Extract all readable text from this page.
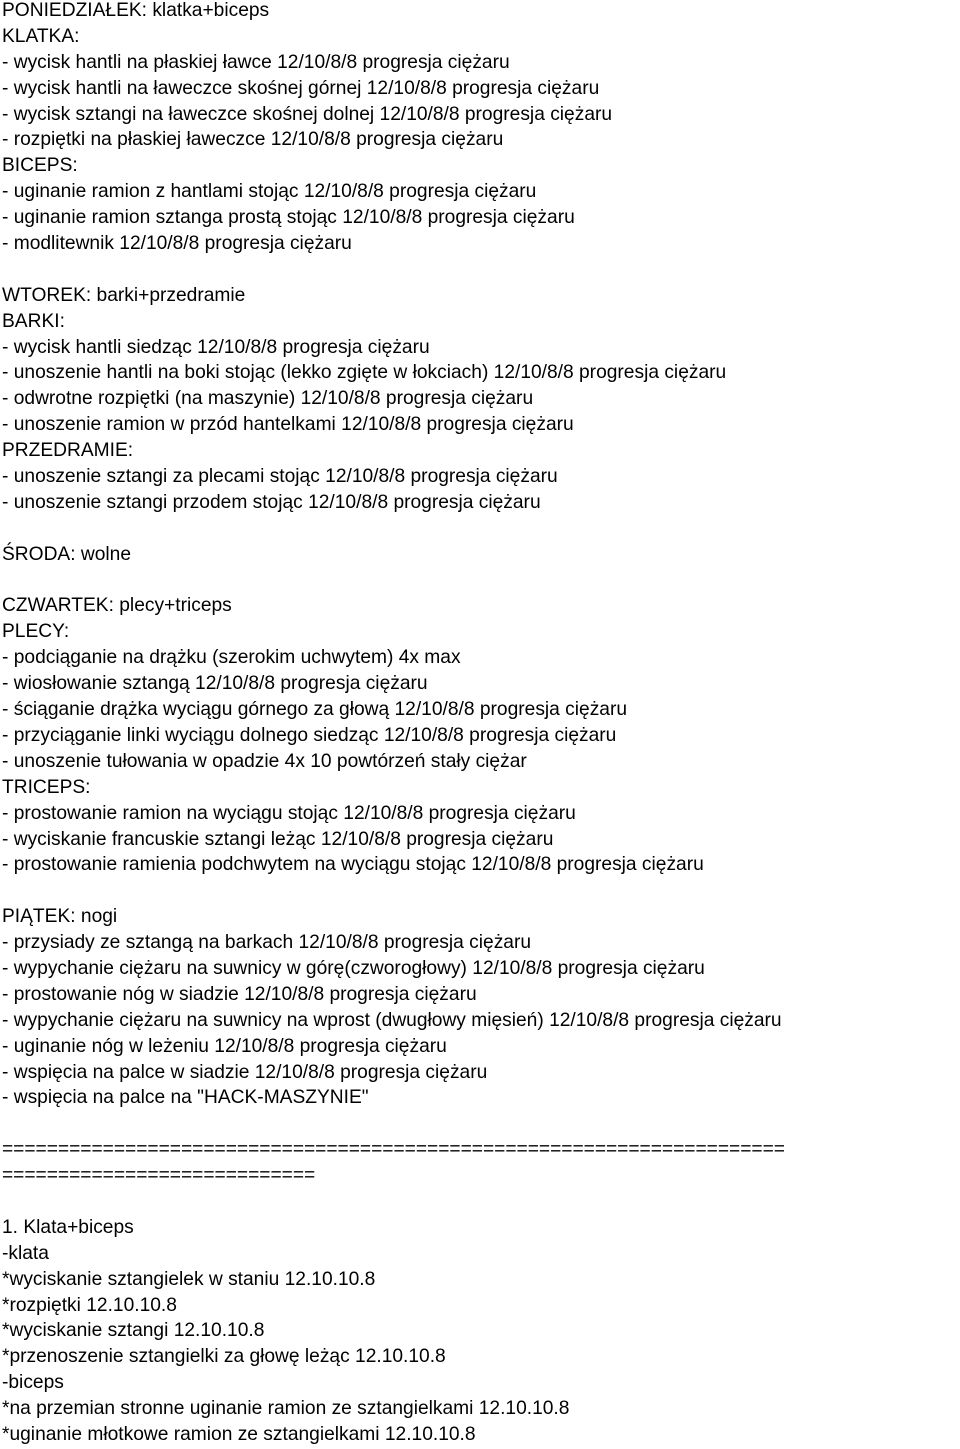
PONIEDZIAŁEK: klatka+biceps
KLATKA:
- wycisk hantli na płaskiej ławce 12/10/8/8 progresja ciężaru
- wycisk hantli na ławeczce skośnej górnej 12/10/8/8 progresja ciężaru
- wycisk sztangi na ławeczce skośnej dolnej 12/10/8/8 progresja ciężaru
- rozpiętki na płaskiej ławeczce 12/10/8/8 progresja ciężaru
BICEPS:
- uginanie ramion z hantlami stojąc 12/10/8/8 progresja ciężaru
- uginanie ramion sztanga prostą stojąc 12/10/8/8 progresja ciężaru
- modlitewnik 12/10/8/8 progresja ciężaru
WTOREK: barki+przedramie
BARKI:
- wycisk hantli siedząc 12/10/8/8 progresja ciężaru
- unoszenie hantli na boki stojąc (lekko zgięte w łokciach) 12/10/8/8 progresja ciężaru
- odwrotne rozpiętki (na maszynie) 12/10/8/8 progresja ciężaru
- unoszenie ramion w przód hantelkami 12/10/8/8 progresja ciężaru
PRZEDRAMIE:
- unoszenie sztangi za plecami stojąc 12/10/8/8 progresja ciężaru
- unoszenie sztangi przodem stojąc 12/10/8/8 progresja ciężaru
ŚRODA: wolne
CZWARTEK: plecy+triceps
PLECY:
- podciąganie na drążku (szerokim uchwytem) 4x max
- wiosłowanie sztangą 12/10/8/8 progresja ciężaru
- ściąganie drążka wyciągu górnego za głową 12/10/8/8 progresja ciężaru
- przyciąganie linki wyciągu dolnego siedząc 12/10/8/8 progresja ciężaru
- unoszenie tułowania w opadzie 4x 10 powtórzeń stały ciężar
TRICEPS:
- prostowanie ramion na wyciągu stojąc 12/10/8/8 progresja ciężaru
- wyciskanie francuskie sztangi leżąc 12/10/8/8 progresja ciężaru
- prostowanie ramienia podchwytem na wyciągu stojąc 12/10/8/8 progresja ciężaru
PIĄTEK: nogi
- przysiady ze sztangą na barkach 12/10/8/8 progresja ciężaru
- wypychanie ciężaru na suwnicy w górę(czworogłowy) 12/10/8/8 progresja ciężaru
- prostowanie nóg w siadzie 12/10/8/8 progresja ciężaru
- wypychanie ciężaru na suwnicy na wprost (dwugłowy mięsień) 12/10/8/8 progresja ciężaru
- uginanie nóg w leżeniu 12/10/8/8 progresja ciężaru
- wspięcia na palce w siadzie 12/10/8/8 progresja ciężaru
- wspięcia na palce na "HACK-MASZYNIE"
======================================================================
============================
1. Klata+biceps
-klata
*wyciskanie sztangielek w staniu 12.10.10.8
*rozpiętki 12.10.10.8
*wyciskanie sztangi 12.10.10.8
*przenoszenie sztangielki za głowę leżąc 12.10.10.8
-biceps
*na przemian stronne uginanie ramion ze sztangielkami 12.10.10.8
*uginanie młotkowe ramion ze sztangielkami 12.10.10.8
